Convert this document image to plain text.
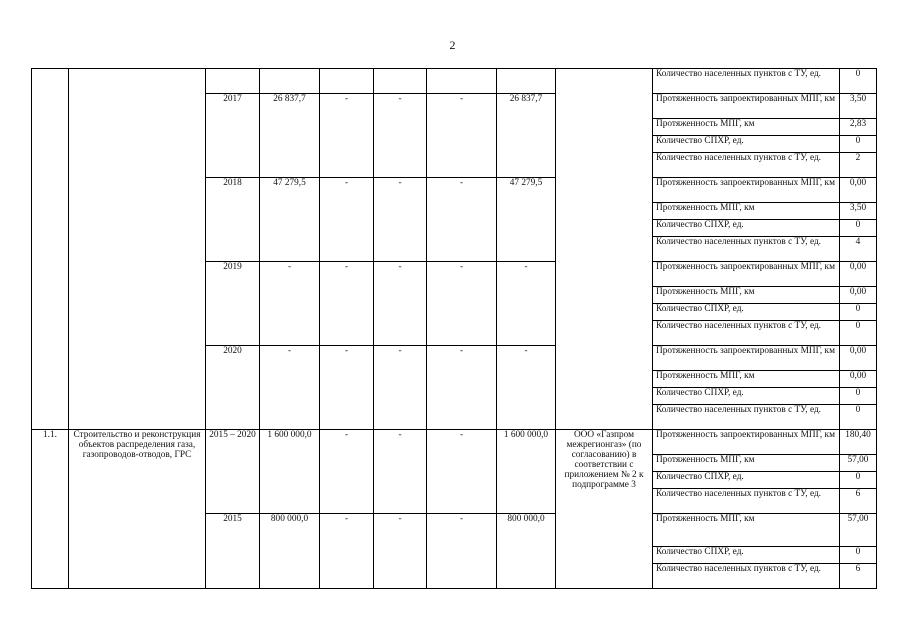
2
									Количество населенных пунктов с ТУ, ед.	0
		2017	26 837,7	-	-	-	26 837,7		Протяженность запроектированных МПГ, км	3,50
									Протяженность МПГ, км	2,83
									Количество СПХР, ед.	0
									Количество населенных пунктов с ТУ, ед.	2
		2018	47 279,5	-	-	-	47 279,5		Протяженность запроектированных МПГ, км	0,00
									Протяженность МПГ, км	3,50
									Количество СПХР, ед.	0
									Количество населенных пунктов с ТУ, ед.	4
		2019	-	-	-	-	-		Протяженность запроектированных МПГ, км	0,00
									Протяженность МПГ, км	0,00
									Количество СПХР, ед.	0
									Количество населенных пунктов с ТУ, ед.	0
		2020	-	-	-	-	-		Протяженность запроектированных МПГ, км	0,00
									Протяженность МПГ, км	0,00
									Количество СПХР, ед.	0
									Количество населенных пунктов с ТУ, ед.	0
1.1.	Строительство и реконструкция объектов распределения газа, газопроводов-отводов, ГРС	2015 – 2020	1 600 000,0	-	-	-	1 600 000,0	ООО «Газпром межрегионгаз» (по согласованию) в соответствии с приложением № 2 к подпрограмме 3	Протяженность запроектированных МПГ, км	180,40
									Протяженность МПГ, км	57,00
									Количество СПХР, ед.	0
									Количество населенных пунктов с ТУ, ед.	6
		2015	800 000,0	-	-	-	800 000,0		Протяженность МПГ, км	57,00
									Количество СПХР, ед.	0
									Количество населенных пунктов с ТУ, ед.	6
